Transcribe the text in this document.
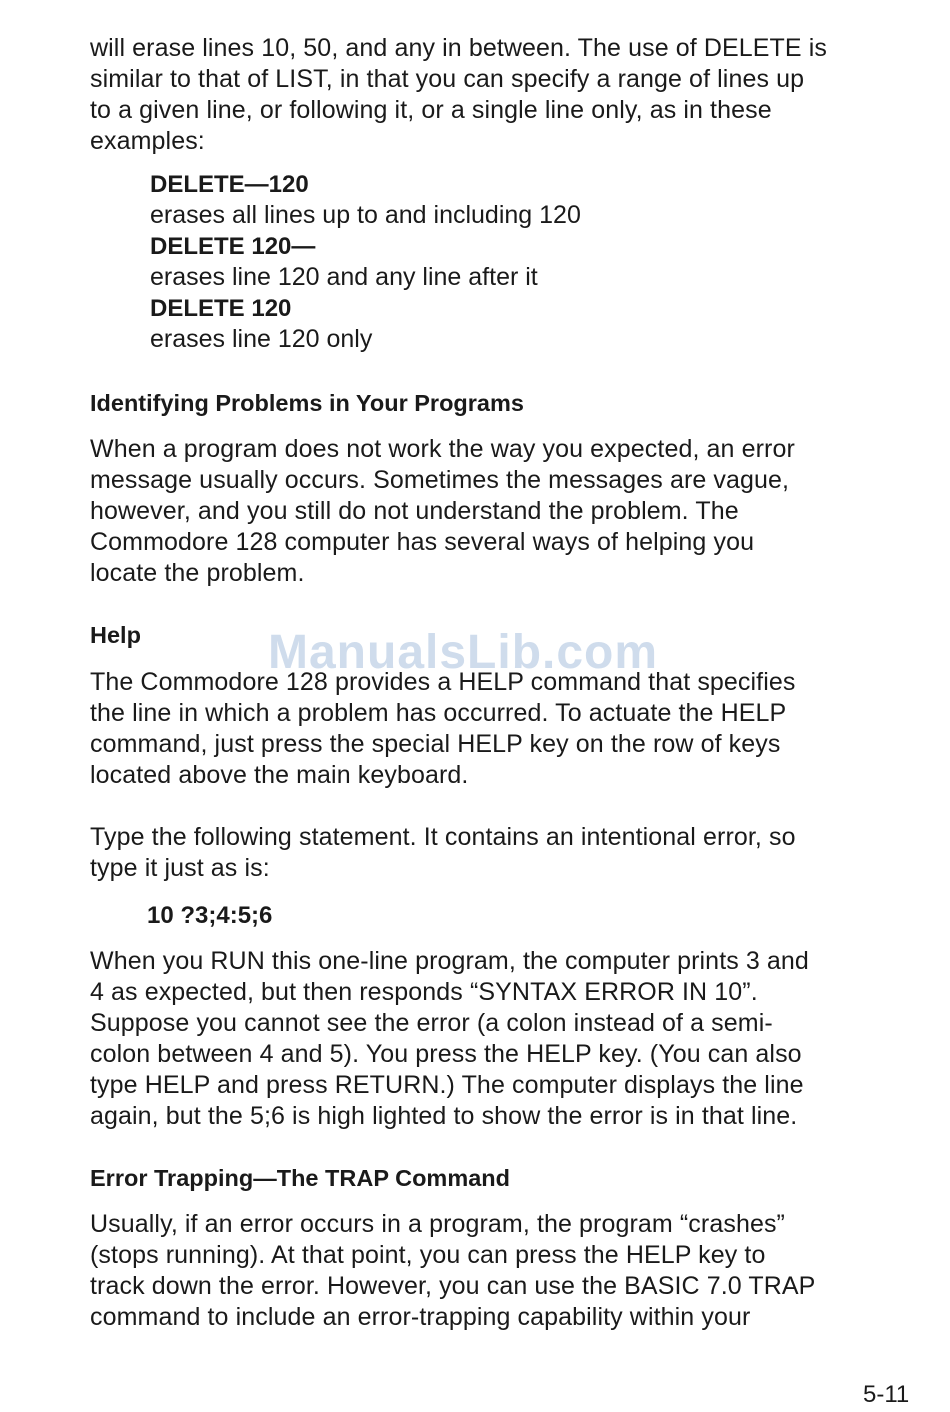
will erase lines 10, 50, and any in between. The use of DELETE is
similar to that of LIST, in that you can specify a range of lines up
to a given line, or following it, or a single line only, as in these
examples:

DELETE—120

erases all lines up to and including 120

DELETE 120—

erases line 120 and any line after it

DELETE 120

erases line 120 only

Identifying Problems in Your Programs

When a program does not work the way you expected, an error
message usually occurs. Sometimes the messages are vague,
however, and you still do not understand the problem. The
Commodore 128 computer has several ways of helping you
locate the problem.

Help	ManualsLib.com

The Commodore 128 provides a HELP command that specifies
the line in which a problem has occurred. To actuate the HELP
command, just press the special HELP key on the row of keys
located above the main keyboard.

Type the following statement. It contains an intentional error, so
type it just as is:

10 ?3;4:5;6

When you RUN this one-line program, the computer prints 3 and
4 as expected, but then responds “SYNTAX ERROR IN 10”.
Suppose you cannot see the error (a colon instead of a semi-
colon between 4 and 5). You press the HELP key. (You can also
type HELP and press RETURN.) The computer displays the line
again, but the 5;6 is high lighted to show the error is in that line.

Error Trapping—The TRAP Command

Usually, if an error occurs in a program, the program “crashes”
(stops running). At that point, you can press the HELP key to
track down the error. However, you can use the BASIC 7.0 TRAP
command to include an error-trapping capability within your

5-11
